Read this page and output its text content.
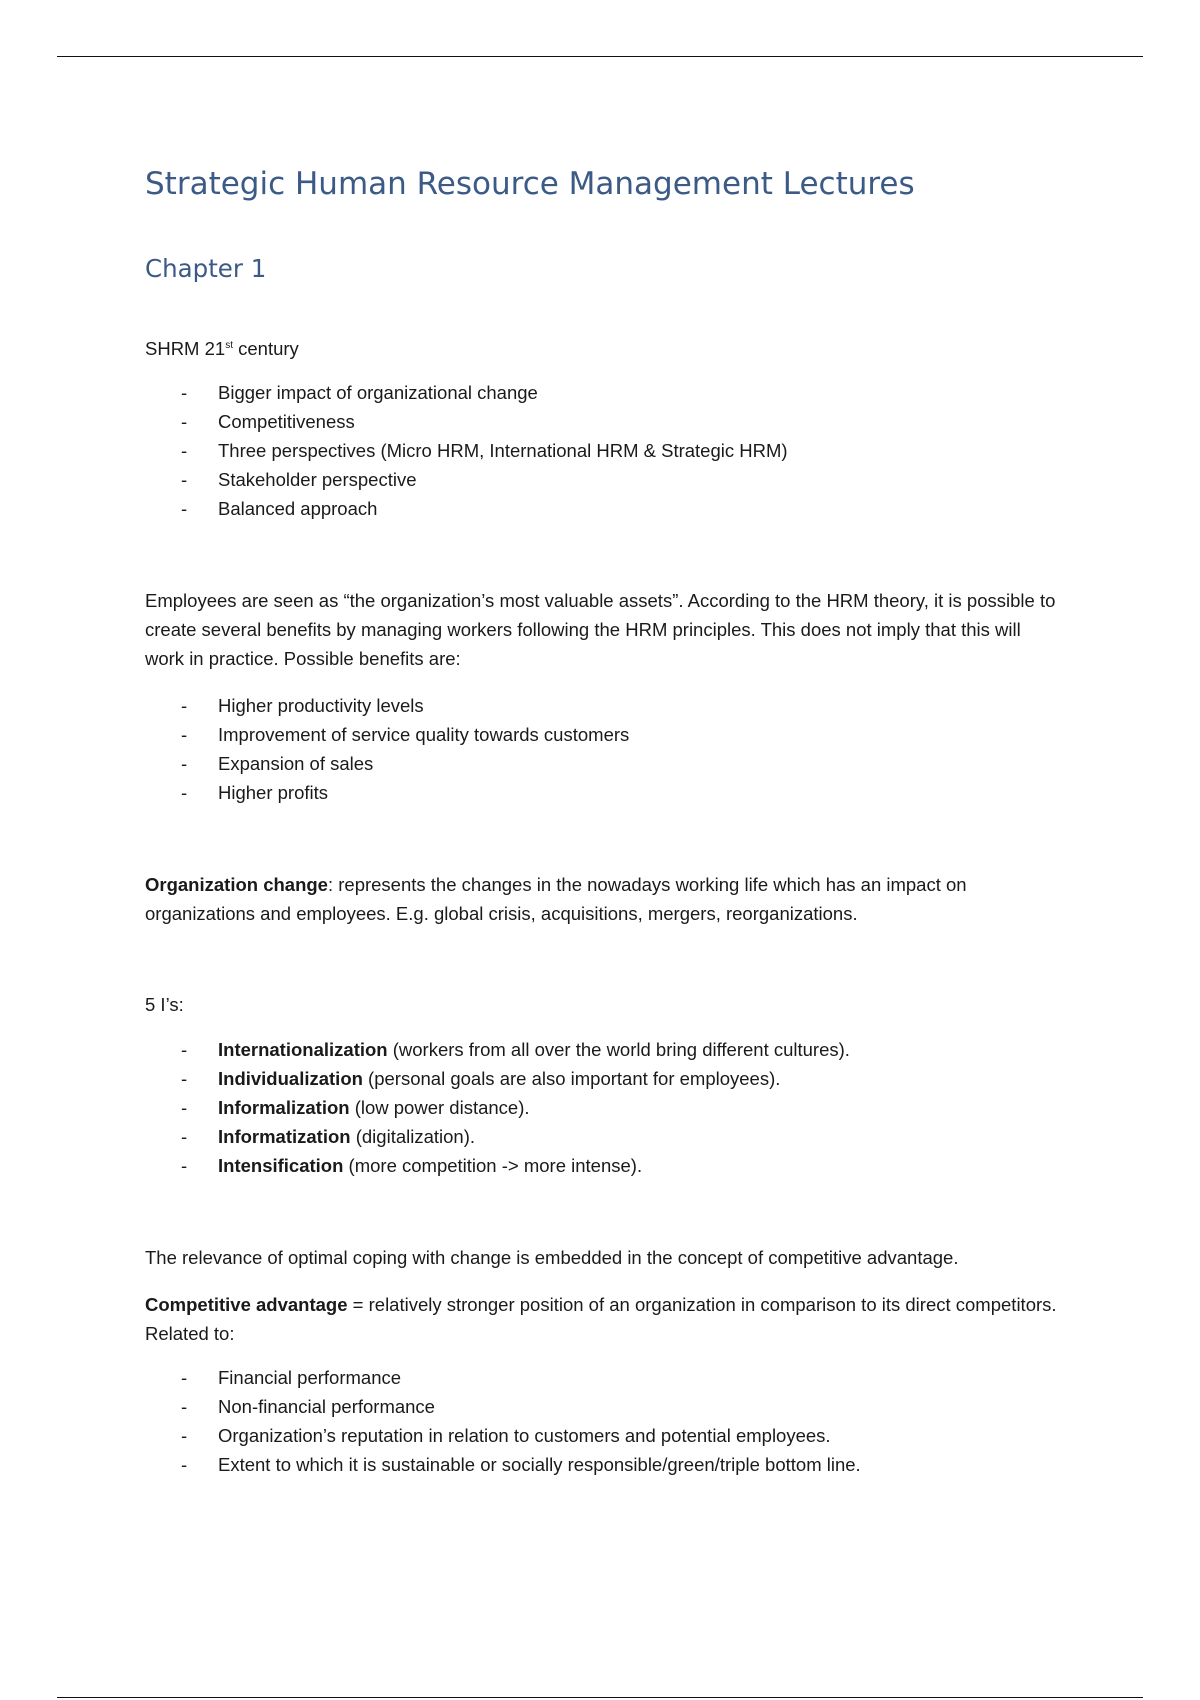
Strategic Human Resource Management Lectures
Chapter 1

SHRM 21st century

- Bigger impact of organizational change
- Competitiveness
- Three perspectives (Micro HRM, International HRM & Strategic HRM)
- Stakeholder perspective
- Balanced approach

Employees are seen as “the organization’s most valuable assets”. According to the HRM theory, it is possible to create several benefits by managing workers following the HRM principles. This does not imply that this will work in practice. Possible benefits are:

- Higher productivity levels
- Improvement of service quality towards customers
- Expansion of sales
- Higher profits

Organization change: represents the changes in the nowadays working life which has an impact on organizations and employees. E.g. global crisis, acquisitions, mergers, reorganizations.

5 I’s:

- Internationalization (workers from all over the world bring different cultures).
- Individualization (personal goals are also important for employees).
- Informalization (low power distance).
- Informatization (digitalization).
- Intensification (more competition -> more intense).

The relevance of optimal coping with change is embedded in the concept of competitive advantage.

Competitive advantage = relatively stronger position of an organization in comparison to its direct competitors. Related to:

- Financial performance
- Non-financial performance
- Organization’s reputation in relation to customers and potential employees.
- Extent to which it is sustainable or socially responsible/green/triple bottom line.
